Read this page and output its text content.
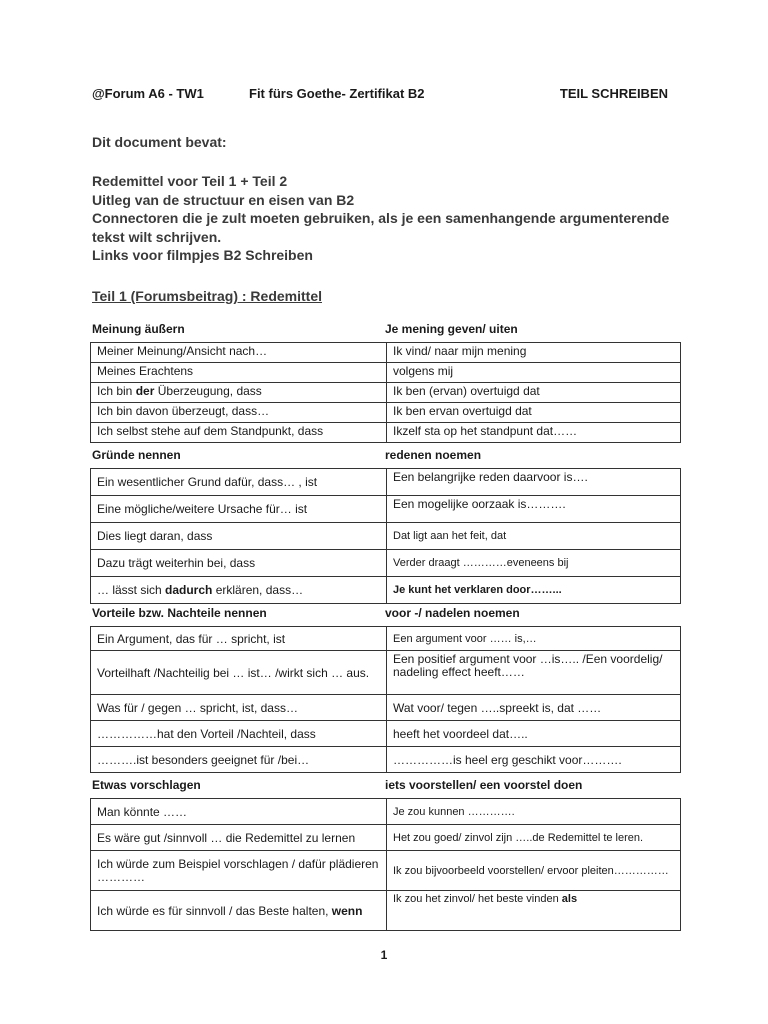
@Forum A6 - TW1	Fit fürs Goethe- Zertifikat B2	TEIL SCHREIBEN
Dit document bevat:
Redemittel voor Teil 1 + Teil 2
Uitleg van de structuur en eisen van B2
Connectoren die je zult moeten gebruiken, als je een samenhangende argumenterende tekst wilt schrijven.
Links voor filmpjes B2 Schreiben
Teil 1 (Forumsbeitrag) : Redemittel
Meinung äußern	Je mening geven/ uiten
Meiner Meinung/Ansicht nach…	Ik vind/ naar mijn mening
Meines Erachtens	volgens mij
Ich bin der Überzeugung, dass	Ik ben (ervan) overtuigd dat
Ich bin davon überzeugt, dass…	Ik ben ervan overtuigd dat
Ich selbst stehe auf dem Standpunkt, dass	Ikzelf sta op het standpunt dat……
Gründe nennen	redenen noemen
Ein wesentlicher Grund dafür, dass… , ist	Een belangrijke reden daarvoor is….
Eine mögliche/weitere Ursache für… ist	Een mogelijke oorzaak is……….
Dies liegt daran, dass	Dat ligt aan het feit, dat
Dazu trägt weiterhin bei, dass	Verder draagt …………eveneens bij
… lässt sich dadurch erklären, dass…	Je kunt het verklaren door……...
Vorteile bzw. Nachteile nennen	voor -/ nadelen noemen
Ein Argument, das für … spricht, ist	Een argument voor …… is,…
Vorteilhaft /Nachteilig bei … ist… /wirkt sich … aus.	Een positief argument voor …is….. /Een voordelig/ nadeling effect heeft……
Was für / gegen … spricht, ist, dass…	Wat voor/ tegen …..spreekt is, dat ……
……………hat den Vorteil /Nachteil, dass	heeft het voordeel dat…..
……….ist besonders geeignet für /bei…	……………is heel erg geschikt voor……….
Etwas vorschlagen	iets voorstellen/ een voorstel doen
Man könnte ……	Je zou kunnen ………….
Es wäre gut /sinnvoll … die Redemittel zu lernen	Het zou goed/ zinvol zijn …..de Redemittel te leren.
Ich würde zum Beispiel vorschlagen / dafür plädieren …………	Ik zou bijvoorbeeld voorstellen/ ervoor pleiten……………
Ich würde es für sinnvoll / das Beste halten, wenn	Ik zou het zinvol/ het beste vinden als
1
